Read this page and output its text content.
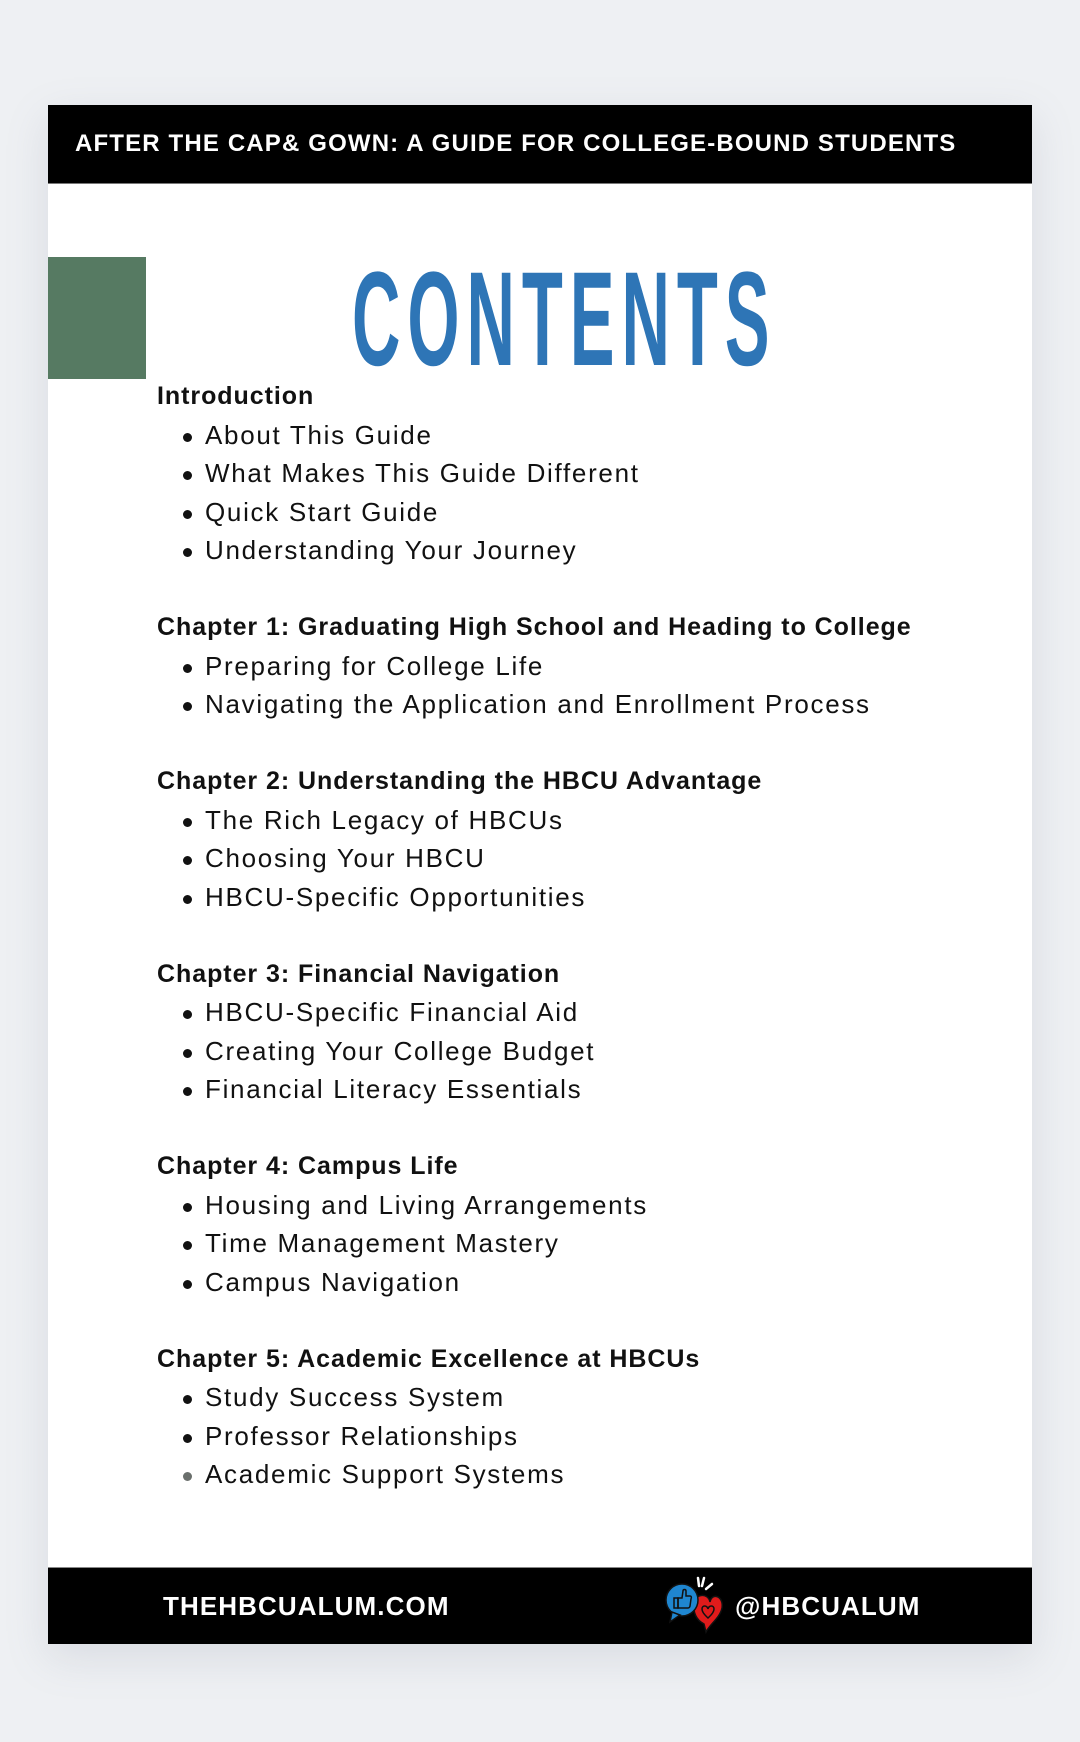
AFTER THE CAP& GOWN: A GUIDE FOR COLLEGE-BOUND STUDENTS
CONTENTS
Introduction
About This Guide
What Makes This Guide Different
Quick Start Guide
Understanding Your Journey
Chapter 1: Graduating High School and Heading to College
Preparing for College Life
Navigating the Application and Enrollment Process
Chapter 2: Understanding the HBCU Advantage
The Rich Legacy of HBCUs
Choosing Your HBCU
HBCU-Specific Opportunities
Chapter 3: Financial Navigation
HBCU-Specific Financial Aid
Creating Your College Budget
Financial Literacy Essentials
Chapter 4: Campus Life
Housing and Living Arrangements
Time Management Mastery
Campus Navigation
Chapter 5: Academic Excellence at HBCUs
Study Success System
Professor Relationships
Academic Support Systems
THEHBCUALUM.COM	@HBCUALUM
